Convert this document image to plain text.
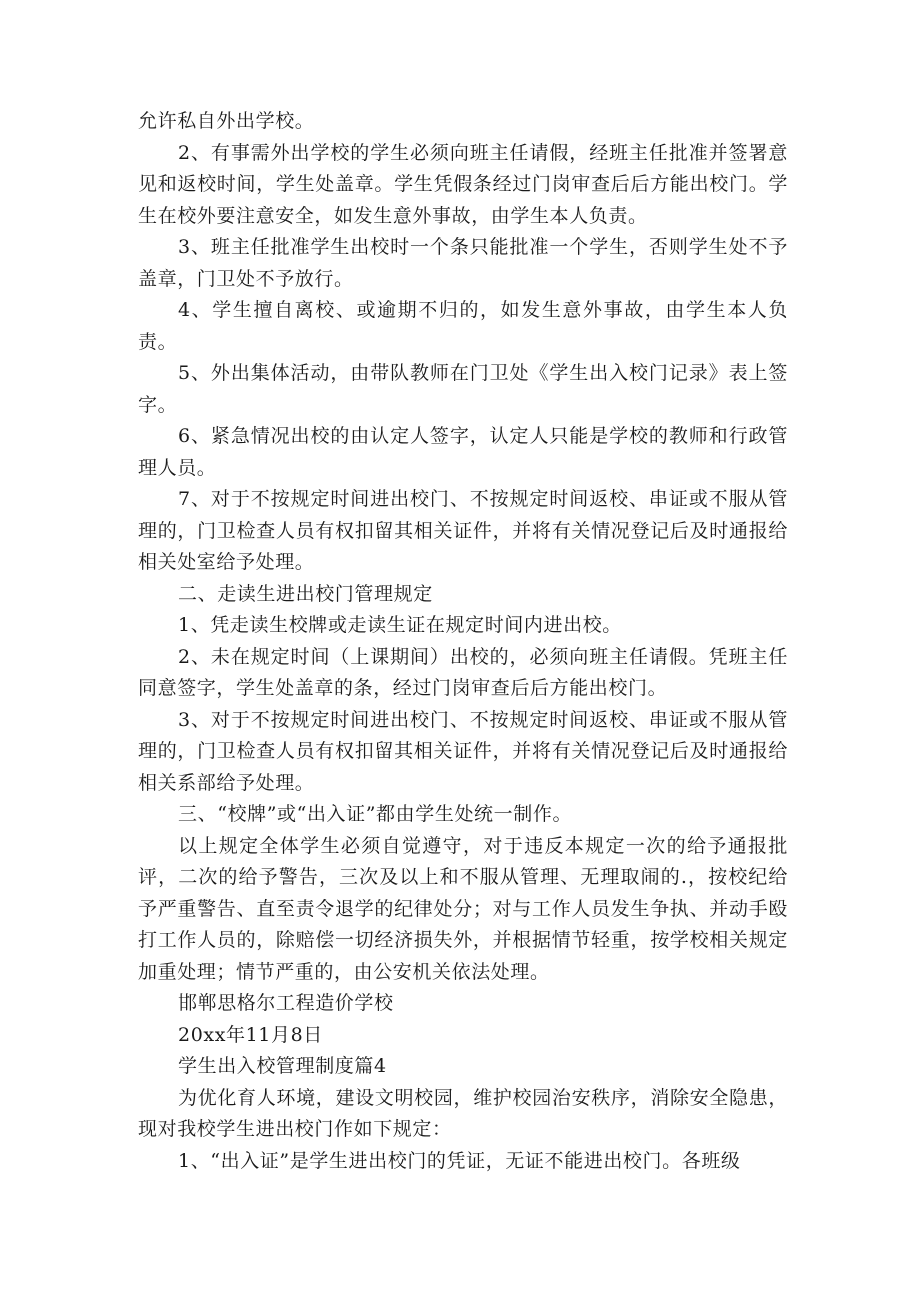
允许私自外出学校。

2、有事需外出学校的学生必须向班主任请假，经班主任批准并签署意见和返校时间，学生处盖章。学生凭假条经过门岗审查后后方能出校门。学生在校外要注意安全，如发生意外事故，由学生本人负责。

3、班主任批准学生出校时一个条只能批准一个学生，否则学生处不予盖章，门卫处不予放行。

4、学生擅自离校、或逾期不归的，如发生意外事故，由学生本人负责。

5、外出集体活动，由带队教师在门卫处《学生出入校门记录》表上签字。

6、紧急情况出校的由认定人签字，认定人只能是学校的教师和行政管理人员。

7、对于不按规定时间进出校门、不按规定时间返校、串证或不服从管理的，门卫检查人员有权扣留其相关证件，并将有关情况登记后及时通报给相关处室给予处理。

二、走读生进出校门管理规定

1、凭走读生校牌或走读生证在规定时间内进出校。

2、未在规定时间（上课期间）出校的，必须向班主任请假。凭班主任同意签字，学生处盖章的条，经过门岗审查后后方能出校门。

3、对于不按规定时间进出校门、不按规定时间返校、串证或不服从管理的，门卫检查人员有权扣留其相关证件，并将有关情况登记后及时通报给相关系部给予处理。

三、“校牌”或“出入证”都由学生处统一制作。

以上规定全体学生必须自觉遵守，对于违反本规定一次的给予通报批评，二次的给予警告，三次及以上和不服从管理、无理取闹的.，按校纪给予严重警告、直至责令退学的纪律处分；对与工作人员发生争执、并动手殴打工作人员的，除赔偿一切经济损失外，并根据情节轻重，按学校相关规定加重处理；情节严重的，由公安机关依法处理。

邯郸思格尔工程造价学校

20xx年11月8日

学生出入校管理制度篇4

为优化育人环境，建设文明校园，维护校园治安秩序，消除安全隐患，现对我校学生进出校门作如下规定：

1、“出入证”是学生进出校门的凭证，无证不能进出校门。各班级
